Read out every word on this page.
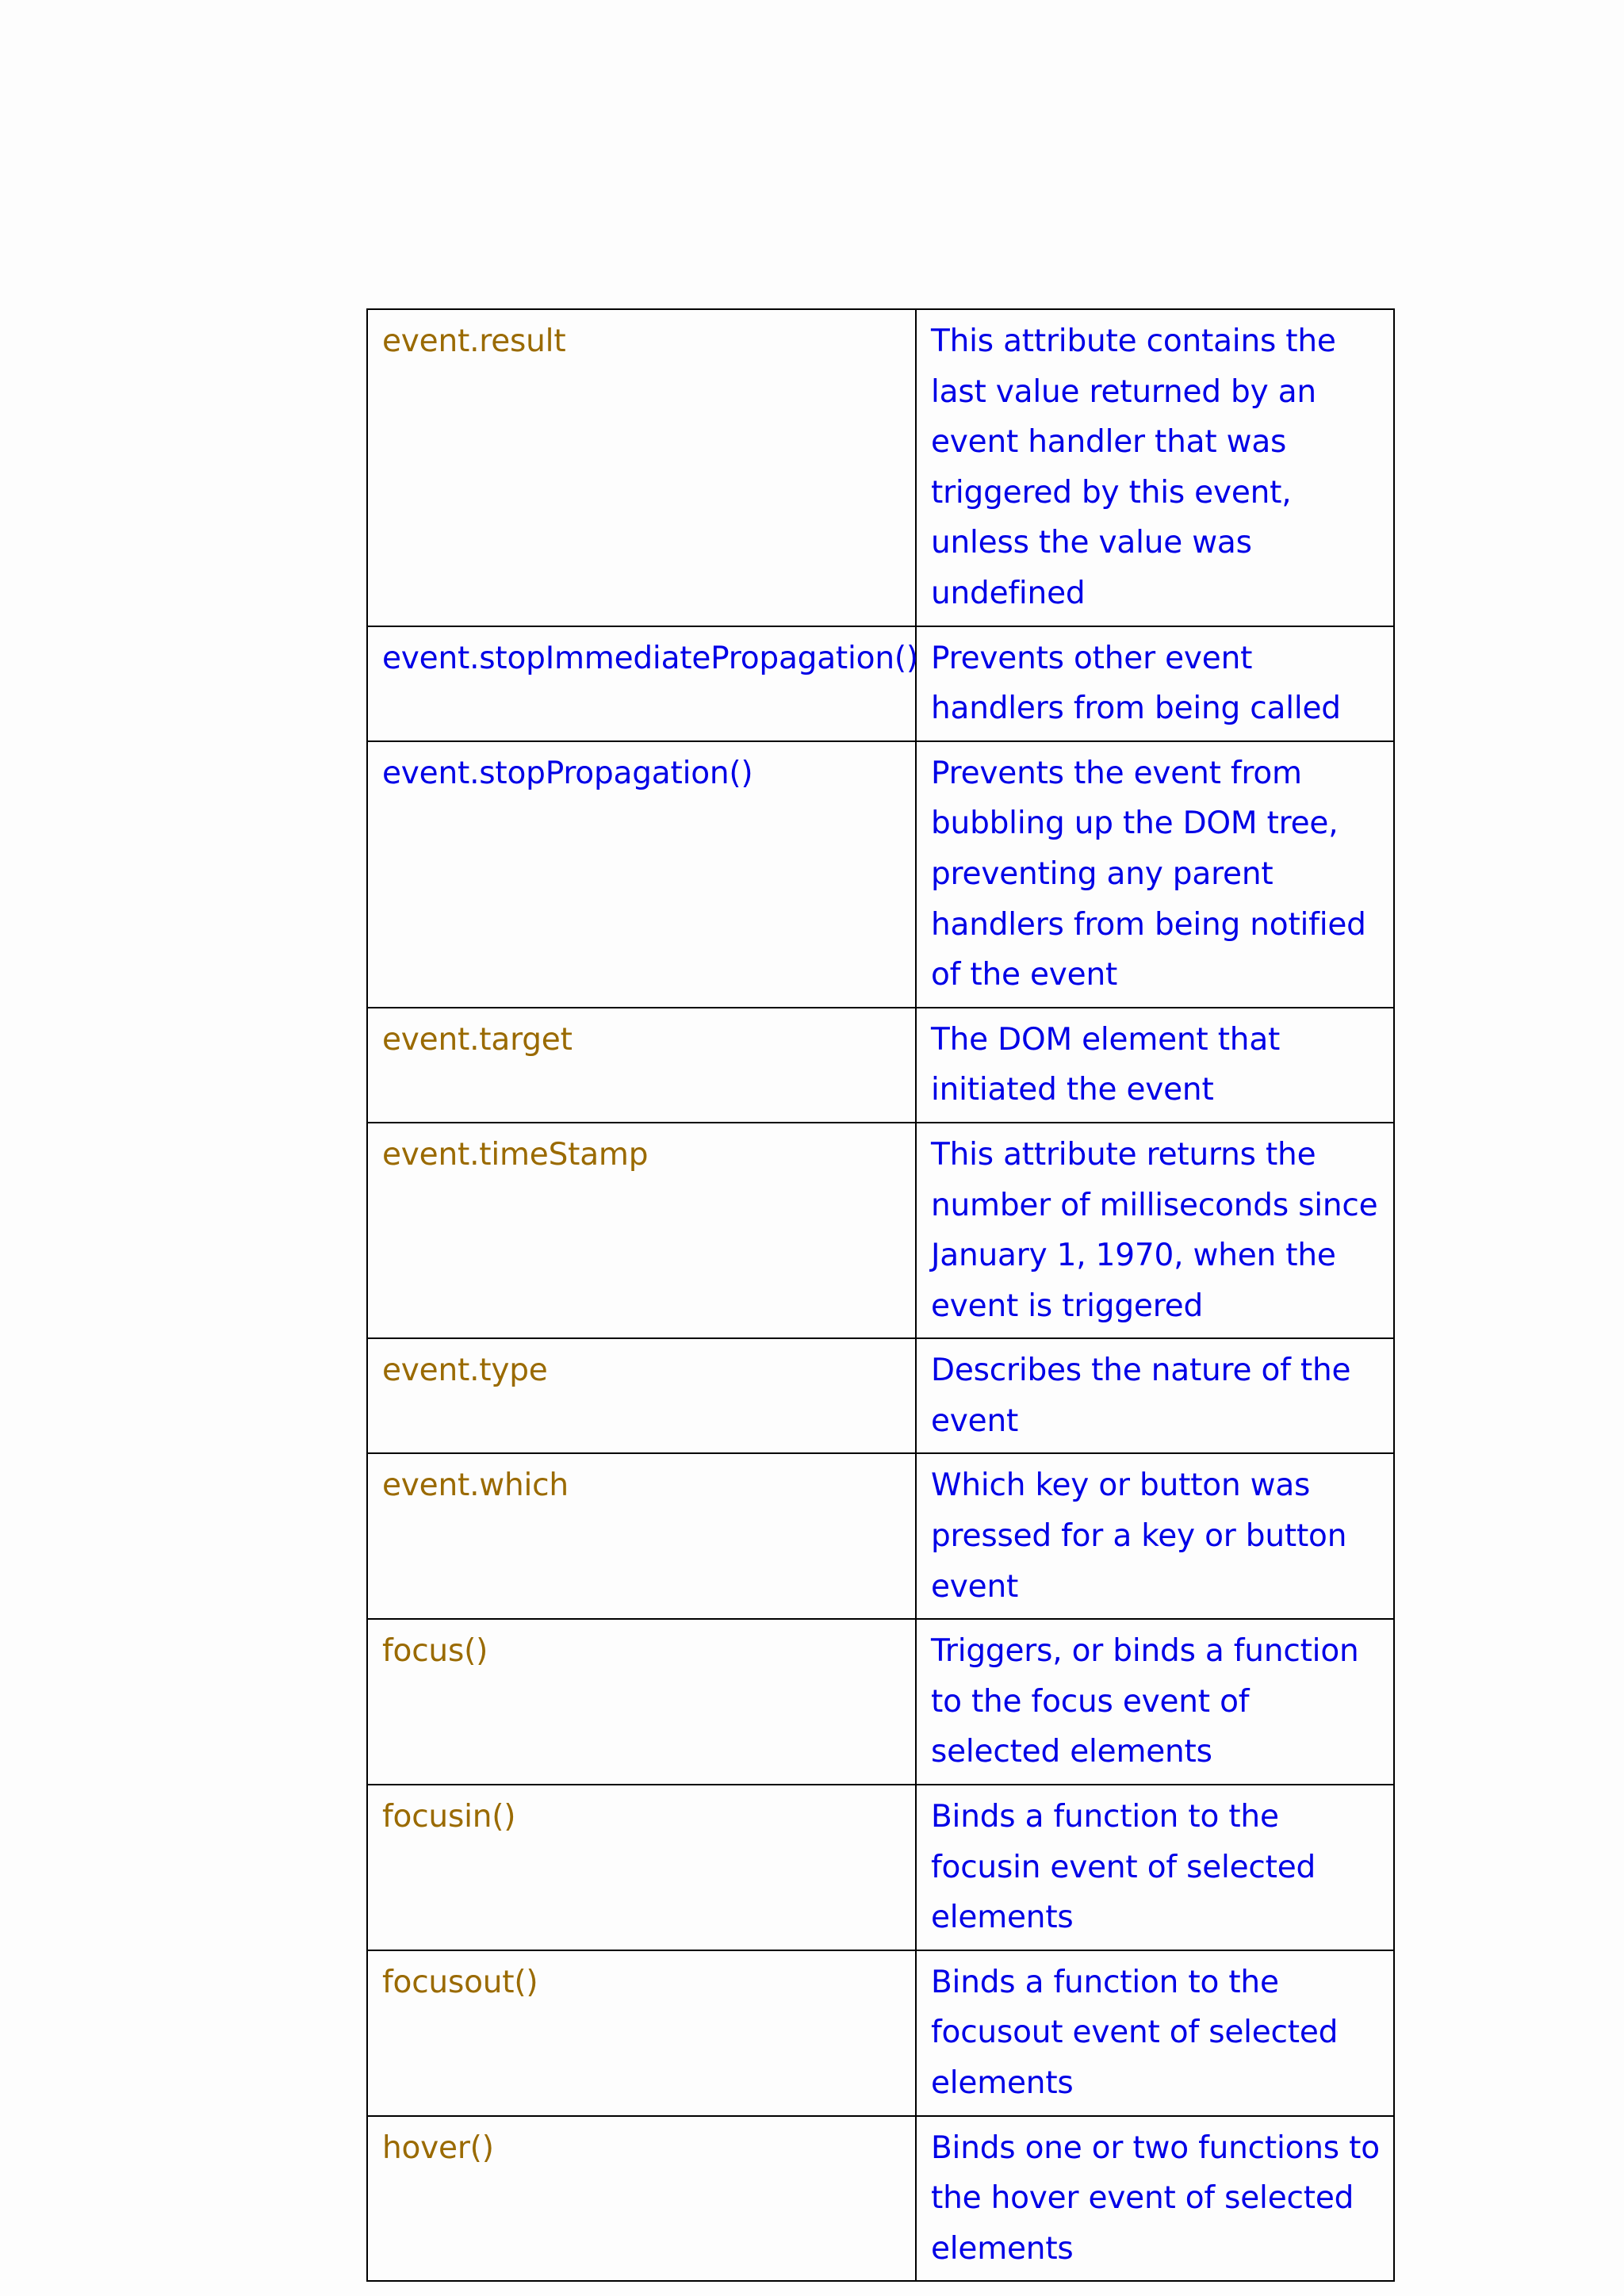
event.result	This attribute contains the last value returned by an event handler that was triggered by this event, unless the value was undefined
event.stopImmediatePropagation()	Prevents other event handlers from being called
event.stopPropagation()	Prevents the event from bubbling up the DOM tree, preventing any parent handlers from being notified of the event
event.target	The DOM element that initiated the event
event.timeStamp	This attribute returns the number of milliseconds since January 1, 1970, when the event is triggered
event.type	Describes the nature of the event
event.which	Which key or button was pressed for a key or button event
focus()	Triggers, or binds a function to the focus event of selected elements
focusin()	Binds a function to the focusin event of selected elements
focusout()	Binds a function to the focusout event of selected elements
hover()	Binds one or two functions to the hover event of selected elements
